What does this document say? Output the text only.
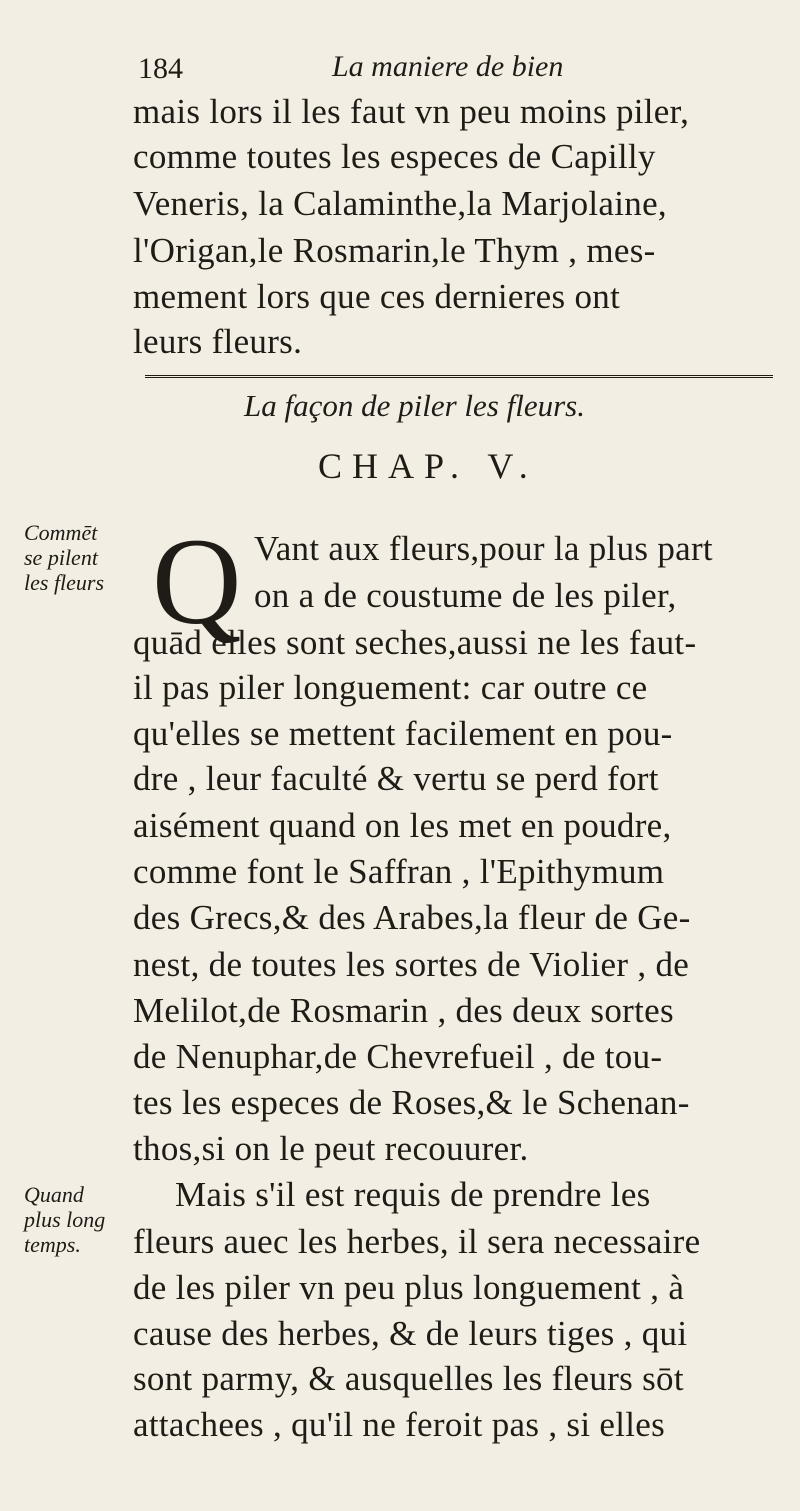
184	La maniere de bien
mais lors il les faut vn peu moins piler,
comme toutes les especes de Capilly
Veneris, la Calaminthe,la Marjolaine,
l'Origan,le Rosmarin,le Thym , mes-
mement lors que ces dernieres ont
leurs fleurs.
La façon de piler les fleurs.
CHAP. V.
Commēt
se pilent
les fleurs Q Vant aux fleurs,pour la plus part
on a de coustume de les piler,
quād elles sont seches,aussi ne les faut-
il pas piler longuement: car outre ce
qu'elles se mettent facilement en pou-
dre , leur faculté & vertu se perd fort
aisément quand on les met en poudre,
comme font le Saffran , l'Epithymum
des Grecs,& des Arabes,la fleur de Ge-
nest, de toutes les sortes de Violier , de
Melilot,de Rosmarin , des deux sortes
de Nenuphar,de Chevrefueil , de tou-
tes les especes de Roses,& le Schenan-
thos,si on le peut recouurer.
Quand
plus long
temps.
Mais s'il est requis de prendre les
fleurs auec les herbes, il sera necessaire
de les piler vn peu plus longuement , à
cause des herbes, & de leurs tiges , qui
sont parmy, & ausquelles les fleurs sōt
attachees , qu'il ne feroit pas , si elles
